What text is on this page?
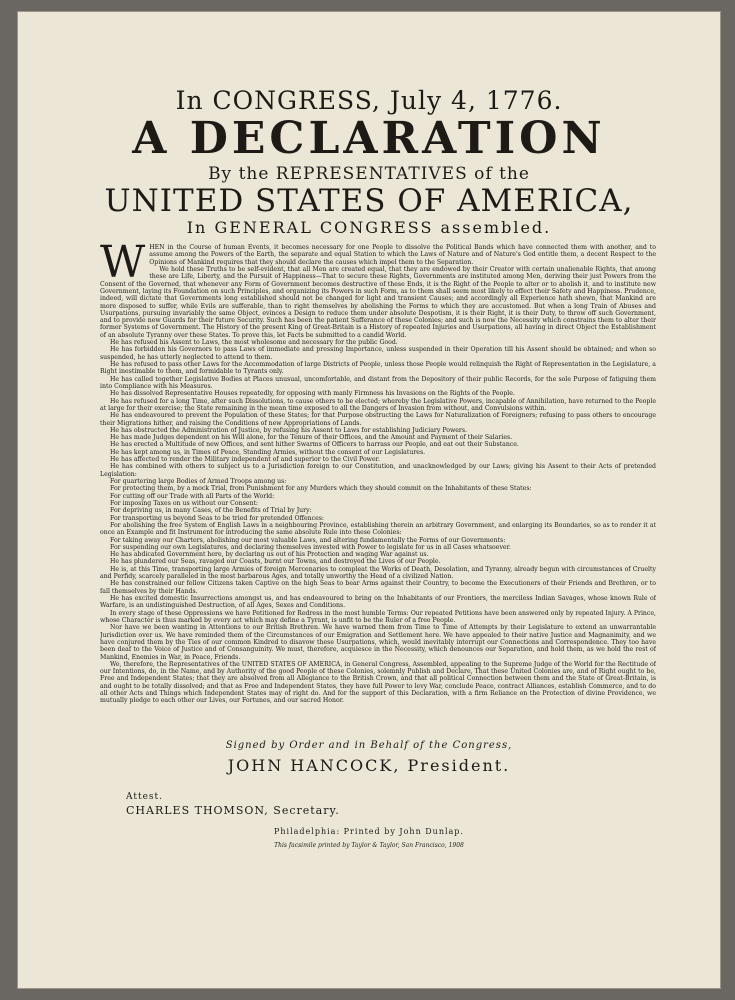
In CONGRESS, July 4, 1776.
A DECLARATION
By the REPRESENTATIVES of the
UNITED STATES OF AMERICA,
In GENERAL CONGRESS assembled.
W HEN in the Course of human Events, it becomes necessary for one People to dissolve the Political Bands which have connected them with another, and to assume among the Powers of the Earth, the separate and equal Station to which the Laws of Nature and of Nature's God entitle them, a decent Respect to the Opinions of Mankind requires that they should declare the causes which impel them to the Separation.

We hold these Truths to be self-evident, that all Men are created equal, that they are endowed by their Creator with certain unalienable Rights, that among these are Life, Liberty, and the Pursuit of Happiness—That to secure these Rights, Governments are instituted among Men, deriving their just Powers from the Consent of the Governed, that whenever any Form of Government becomes destructive of these Ends, it is the Right of the People to alter or to abolish it, and to institute new Government, laying its Foundation on such Principles, and organizing its Powers in such Form, as to them shall seem most likely to effect their Safety and Happiness. Prudence, indeed, will dictate that Governments long established should not be changed for light and transient Causes; and accordingly all Experience hath shewn, that Mankind are more disposed to suffer, while Evils are sufferable, than to right themselves by abolishing the Forms to which they are accustomed. But when a long Train of Abuses and Usurpations, pursuing invariably the same Object, evinces a Design to reduce them under absolute Despotism, it is their Right, it is their Duty, to throw off such Government, and to provide new Guards for their future Security. Such has been the patient Sufferance of these Colonies; and such is now the Necessity which constrains them to alter their former Systems of Government. The History of the present King of Great-Britain is a History of repeated Injuries and Usurpations, all having in direct Object the Establishment of an absolute Tyranny over these States. To prove this, let Facts be submitted to a candid World.

He has refused his Assent to Laws, the most wholesome and necessary for the public Good.

He has forbidden his Governors to pass Laws of immediate and pressing Importance, unless suspended in their Operation till his Assent should be obtained; and when so suspended, he has utterly neglected to attend to them.

He has refused to pass other Laws for the Accommodation of large Districts of People, unless those People would relinquish the Right of Representation in the Legislature, a Right inestimable to them, and formidable to Tyrants only.

He has called together Legislative Bodies at Places unusual, uncomfortable, and distant from the Depository of their public Records, for the sole Purpose of fatiguing them into Compliance with his Measures.

He has dissolved Representative Houses repeatedly, for opposing with manly Firmness his Invasions on the Rights of the People.

He has refused for a long Time, after such Dissolutions, to cause others to be elected; whereby the Legislative Powers, incapable of Annihilation, have returned to the People at large for their exercise; the State remaining in the mean time exposed to all the Dangers of Invasion from without, and Convulsions within.

He has endeavoured to prevent the Population of these States; for that Purpose obstructing the Laws for Naturalization of Foreigners; refusing to pass others to encourage their Migrations hither, and raising the Conditions of new Appropriations of Lands.

He has obstructed the Administration of Justice, by refusing his Assent to Laws for establishing Judiciary Powers.

He has made Judges dependent on his Will alone, for the Tenure of their Offices, and the Amount and Payment of their Salaries.

He has erected a Multitude of new Offices, and sent hither Swarms of Officers to harrass our People, and eat out their Substance.

He has kept among us, in Times of Peace, Standing Armies, without the consent of our Legislatures.

He has affected to render the Military independent of and superior to the Civil Power.

He has combined with others to subject us to a Jurisdiction foreign to our Constitution, and unacknowledged by our Laws; giving his Assent to their Acts of pretended Legislation:

For quartering large Bodies of Armed Troops among us:

For protecting them, by a mock Trial, from Punishment for any Murders which they should commit on the Inhabitants of these States:

For cutting off our Trade with all Parts of the World:

For imposing Taxes on us without our Consent:

For depriving us, in many Cases, of the Benefits of Trial by Jury:

For transporting us beyond Seas to be tried for pretended Offences:

For abolishing the free System of English Laws in a neighbouring Province, establishing therein an arbitrary Government, and enlarging its Boundaries, so as to render it at once an Example and fit Instrument for introducing the same absolute Rule into these Colonies:

For taking away our Charters, abolishing our most valuable Laws, and altering fundamentally the Forms of our Governments:

For suspending our own Legislatures, and declaring themselves invested with Power to legislate for us in all Cases whatsoever.

He has abdicated Government here, by declaring us out of his Protection and waging War against us.

He has plundered our Seas, ravaged our Coasts, burnt our Towns, and destroyed the Lives of our People.

He is, at this Time, transporting large Armies of foreign Mercenaries to compleat the Works of Death, Desolation, and Tyranny, already begun with circumstances of Cruelty and Perfidy, scarcely paralleled in the most barbarous Ages, and totally unworthy the Head of a civilized Nation.

He has constrained our fellow Citizens taken Captive on the high Seas to bear Arms against their Country, to become the Executioners of their Friends and Brethren, or to fall themselves by their Hands.

He has excited domestic Insurrections amongst us, and has endeavoured to bring on the Inhabitants of our Frontiers, the merciless Indian Savages, whose known Rule of Warfare, is an undistinguished Destruction, of all Ages, Sexes and Conditions.

In every stage of these Oppressions we have Petitioned for Redress in the most humble Terms: Our repeated Petitions have been answered only by repeated Injury. A Prince, whose Character is thus marked by every act which may define a Tyrant, is unfit to be the Ruler of a free People.

Nor have we been wanting in Attentions to our British Brethren. We have warned them from Time to Time of Attempts by their Legislature to extend an unwarrantable Jurisdiction over us. We have reminded them of the Circumstances of our Emigration and Settlement here. We have appealed to their native Justice and Magnanimity, and we have conjured them by the Ties of our common Kindred to disavow these Usurpations, which, would inevitably interrupt our Connections and Correspondence. They too have been deaf to the Voice of Justice and of Consanguinity. We must, therefore, acquiesce in the Necessity, which denounces our Separation, and hold them, as we hold the rest of Mankind, Enemies in War, in Peace, Friends.

We, therefore, the Representatives of the UNITED STATES OF AMERICA, in General Congress, Assembled, appealing to the Supreme Judge of the World for the Rectitude of our Intentions, do, in the Name, and by Authority of the good People of these Colonies, solemnly Publish and Declare, That these United Colonies are, and of Right ought to be, Free and Independent States; that they are absolved from all Allegiance to the British Crown, and that all political Connection between them and the State of Great-Britain, is and ought to be totally dissolved; and that as Free and Independent States, they have full Power to levy War, conclude Peace, contract Alliances, establish Commerce, and to do all other Acts and Things which Independent States may of right do. And for the support of this Declaration, with a firm Reliance on the Protection of divine Providence, we mutually pledge to each other our Lives, our Fortunes, and our sacred Honor.

Signed by Order and in Behalf of the Congress,
JOHN HANCOCK, President.
Attest.
CHARLES THOMSON, Secretary.
Philadelphia: Printed by John Dunlap.
This facsimile printed by Taylor & Taylor, San Francisco, 1908
